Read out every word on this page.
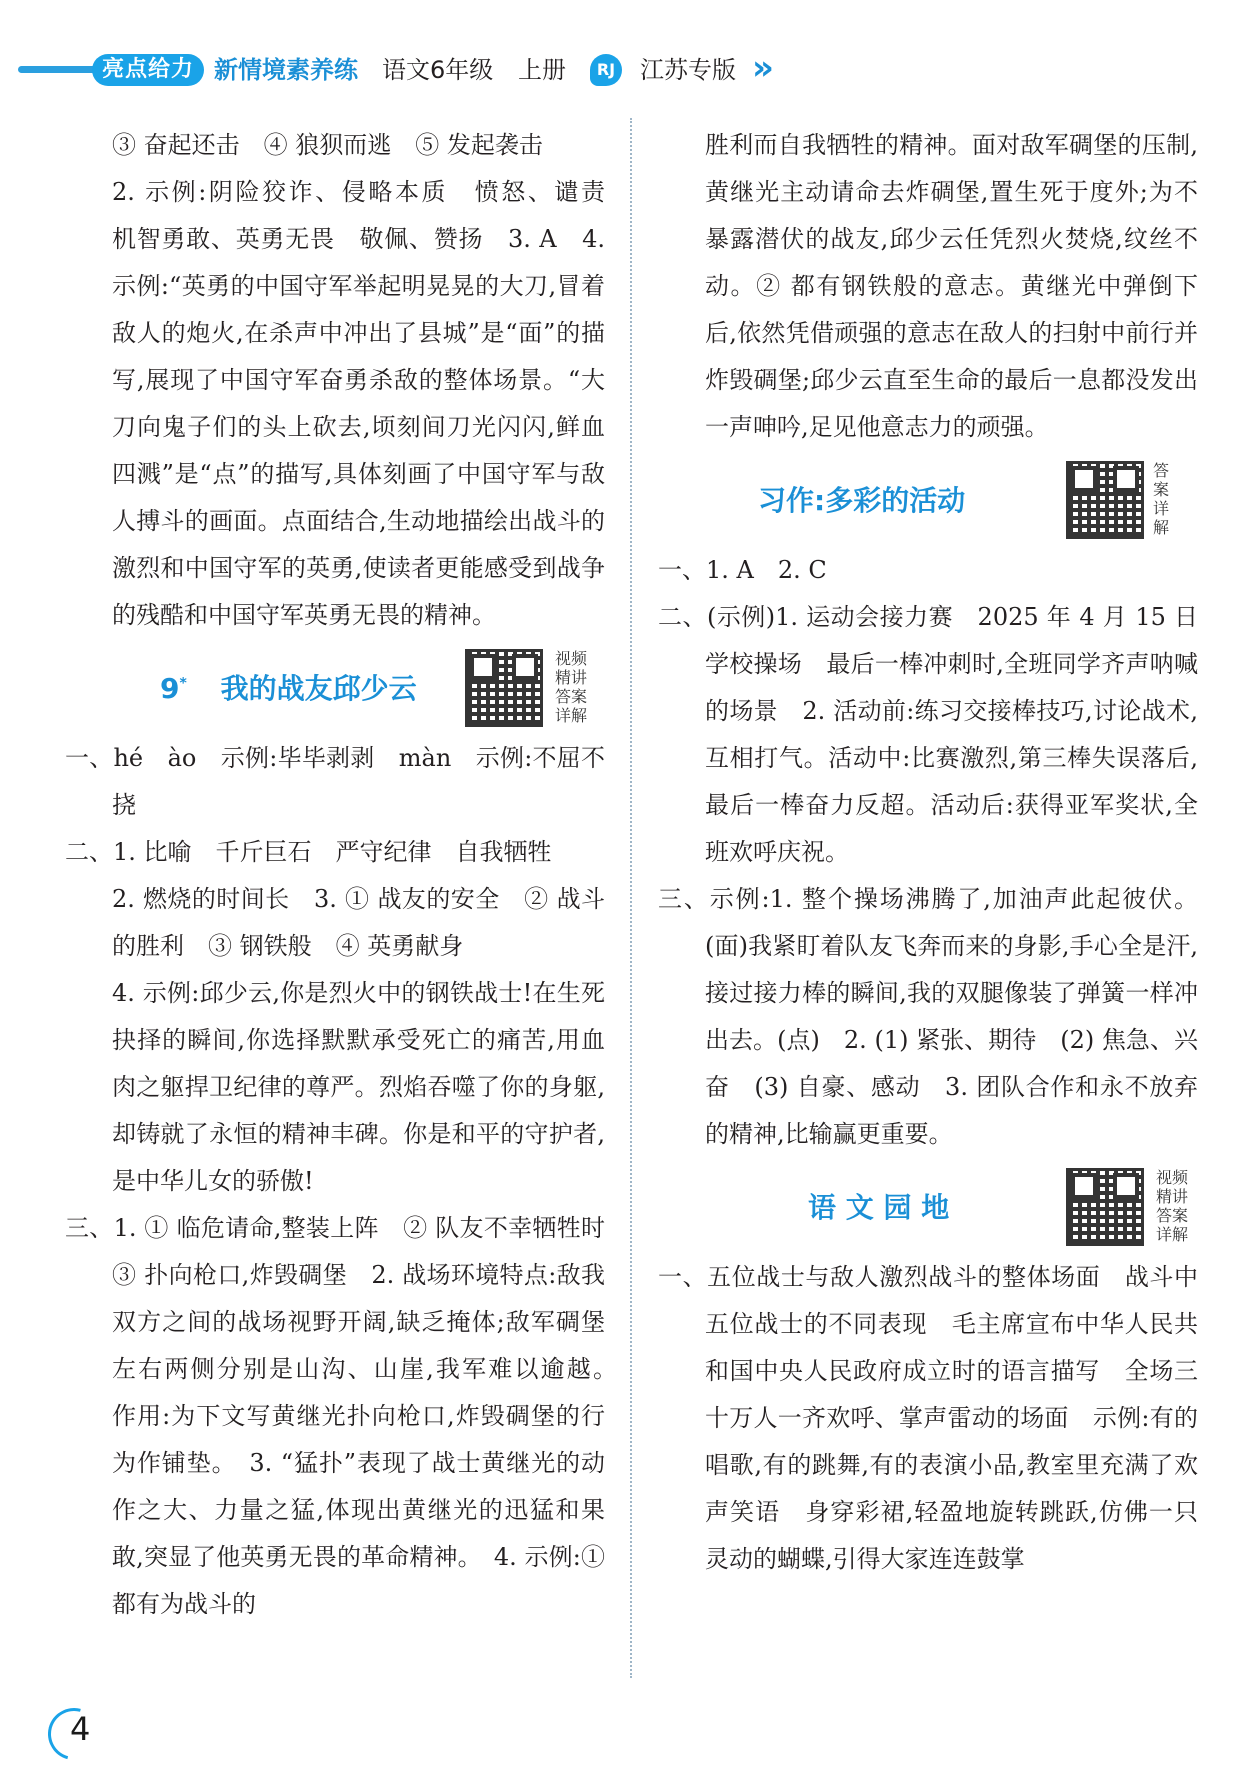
亮点给力 新情境素养练 语文6年级 上册	RJ 江苏专版 »

③ 奋起还击　④ 狼狈而逃　⑤ 发起袭击

2. 示例:阴险狡诈、侵略本质　愤怒、谴责　机智勇敢、英勇无畏　敬佩、赞扬　3. A　4. 示例:“英勇的中国守军举起明晃晃的大刀,冒着敌人的炮火,在杀声中冲出了县城”是“面”的描写,展现了中国守军奋勇杀敌的整体场景。“大刀向鬼子们的头上砍去,顷刻间刀光闪闪,鲜血四溅”是“点”的描写,具体刻画了中国守军与敌人搏斗的画面。点面结合,生动地描绘出战斗的激烈和中国守军的英勇,使读者更能感受到战争的残酷和中国守军英勇无畏的精神。

9* 我的战友邱少云
视频精讲答案详解

一、hé　ào　示例:毕毕剥剥　màn　示例:不屈不挠

二、1. 比喻　千斤巨石　严守纪律　自我牺牲

2. 燃烧的时间长　3. ① 战友的安全　② 战斗的胜利　③ 钢铁般　④ 英勇献身

4. 示例:邱少云,你是烈火中的钢铁战士!在生死抉择的瞬间,你选择默默承受死亡的痛苦,用血肉之躯捍卫纪律的尊严。烈焰吞噬了你的身躯,却铸就了永恒的精神丰碑。你是和平的守护者,是中华儿女的骄傲!

三、1. ① 临危请命,整装上阵　② 队友不幸牺牲时　③ 扑向枪口,炸毁碉堡　2. 战场环境特点:敌我双方之间的战场视野开阔,缺乏掩体;敌军碉堡左右两侧分别是山沟、山崖,我军难以逾越。　作用:为下文写黄继光扑向枪口,炸毁碉堡的行为作铺垫。　3. “猛扑”表现了战士黄继光的动作之大、力量之猛,体现出黄继光的迅猛和果敢,突显了他英勇无畏的革命精神。　4. 示例:① 都有为战斗的

胜利而自我牺牲的精神。面对敌军碉堡的压制,黄继光主动请命去炸碉堡,置生死于度外;为不暴露潜伏的战友,邱少云任凭烈火焚烧,纹丝不动。② 都有钢铁般的意志。黄继光中弹倒下后,依然凭借顽强的意志在敌人的扫射中前行并炸毁碉堡;邱少云直至生命的最后一息都没发出一声呻吟,足见他意志力的顽强。

习作:多彩的活动
答案详解

一、1. A　2. C

二、(示例)1. 运动会接力赛　2025 年 4 月 15 日　学校操场　最后一棒冲刺时,全班同学齐声呐喊的场景　2. 活动前:练习交接棒技巧,讨论战术,互相打气。活动中:比赛激烈,第三棒失误落后,最后一棒奋力反超。活动后:获得亚军奖状,全班欢呼庆祝。

三、示例:1. 整个操场沸腾了,加油声此起彼伏。(面)我紧盯着队友飞奔而来的身影,手心全是汗,接过接力棒的瞬间,我的双腿像装了弹簧一样冲出去。(点)　2. (1) 紧张、期待　(2) 焦急、兴奋　(3) 自豪、感动　3. 团队合作和永不放弃的精神,比输赢更重要。

语 文 园 地
视频精讲答案详解

一、五位战士与敌人激烈战斗的整体场面　战斗中五位战士的不同表现　毛主席宣布中华人民共和国中央人民政府成立时的语言描写　全场三十万人一齐欢呼、掌声雷动的场面　示例:有的唱歌,有的跳舞,有的表演小品,教室里充满了欢声笑语　身穿彩裙,轻盈地旋转跳跃,仿佛一只灵动的蝴蝶,引得大家连连鼓掌

4
